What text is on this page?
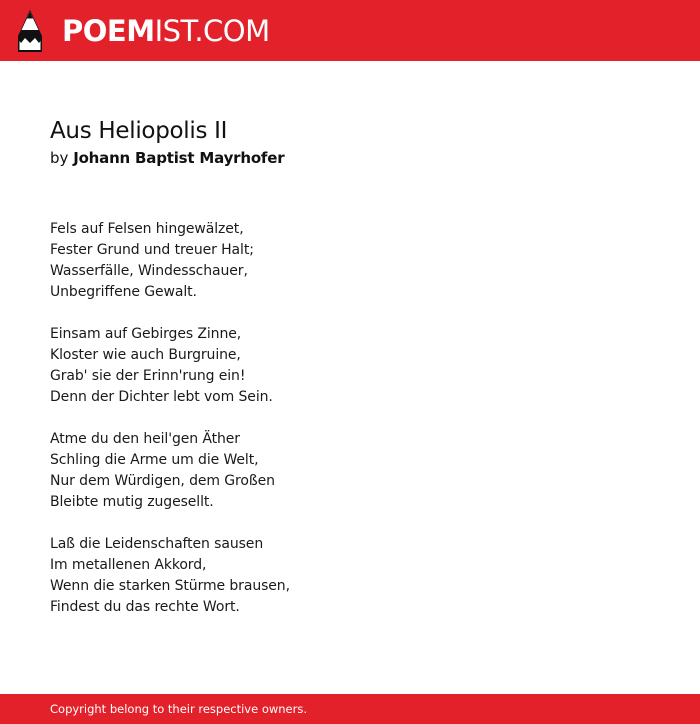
POEMIST.COM
Aus Heliopolis II
by Johann Baptist Mayrhofer
Fels auf Felsen hingewälzet,
Fester Grund und treuer Halt;
Wasserfälle, Windesschauer,
Unbegriffene Gewalt.
Einsam auf Gebirges Zinne,
Kloster wie auch Burgruine,
Grab' sie der Erinn'rung ein!
Denn der Dichter lebt vom Sein.
Atme du den heil'gen Äther
Schling die Arme um die Welt,
Nur dem Würdigen, dem Großen
Bleibte mutig zugesellt.
Laß die Leidenschaften sausen
Im metallenen Akkord,
Wenn die starken Stürme brausen,
Findest du das rechte Wort.
Copyright belong to their respective owners.
